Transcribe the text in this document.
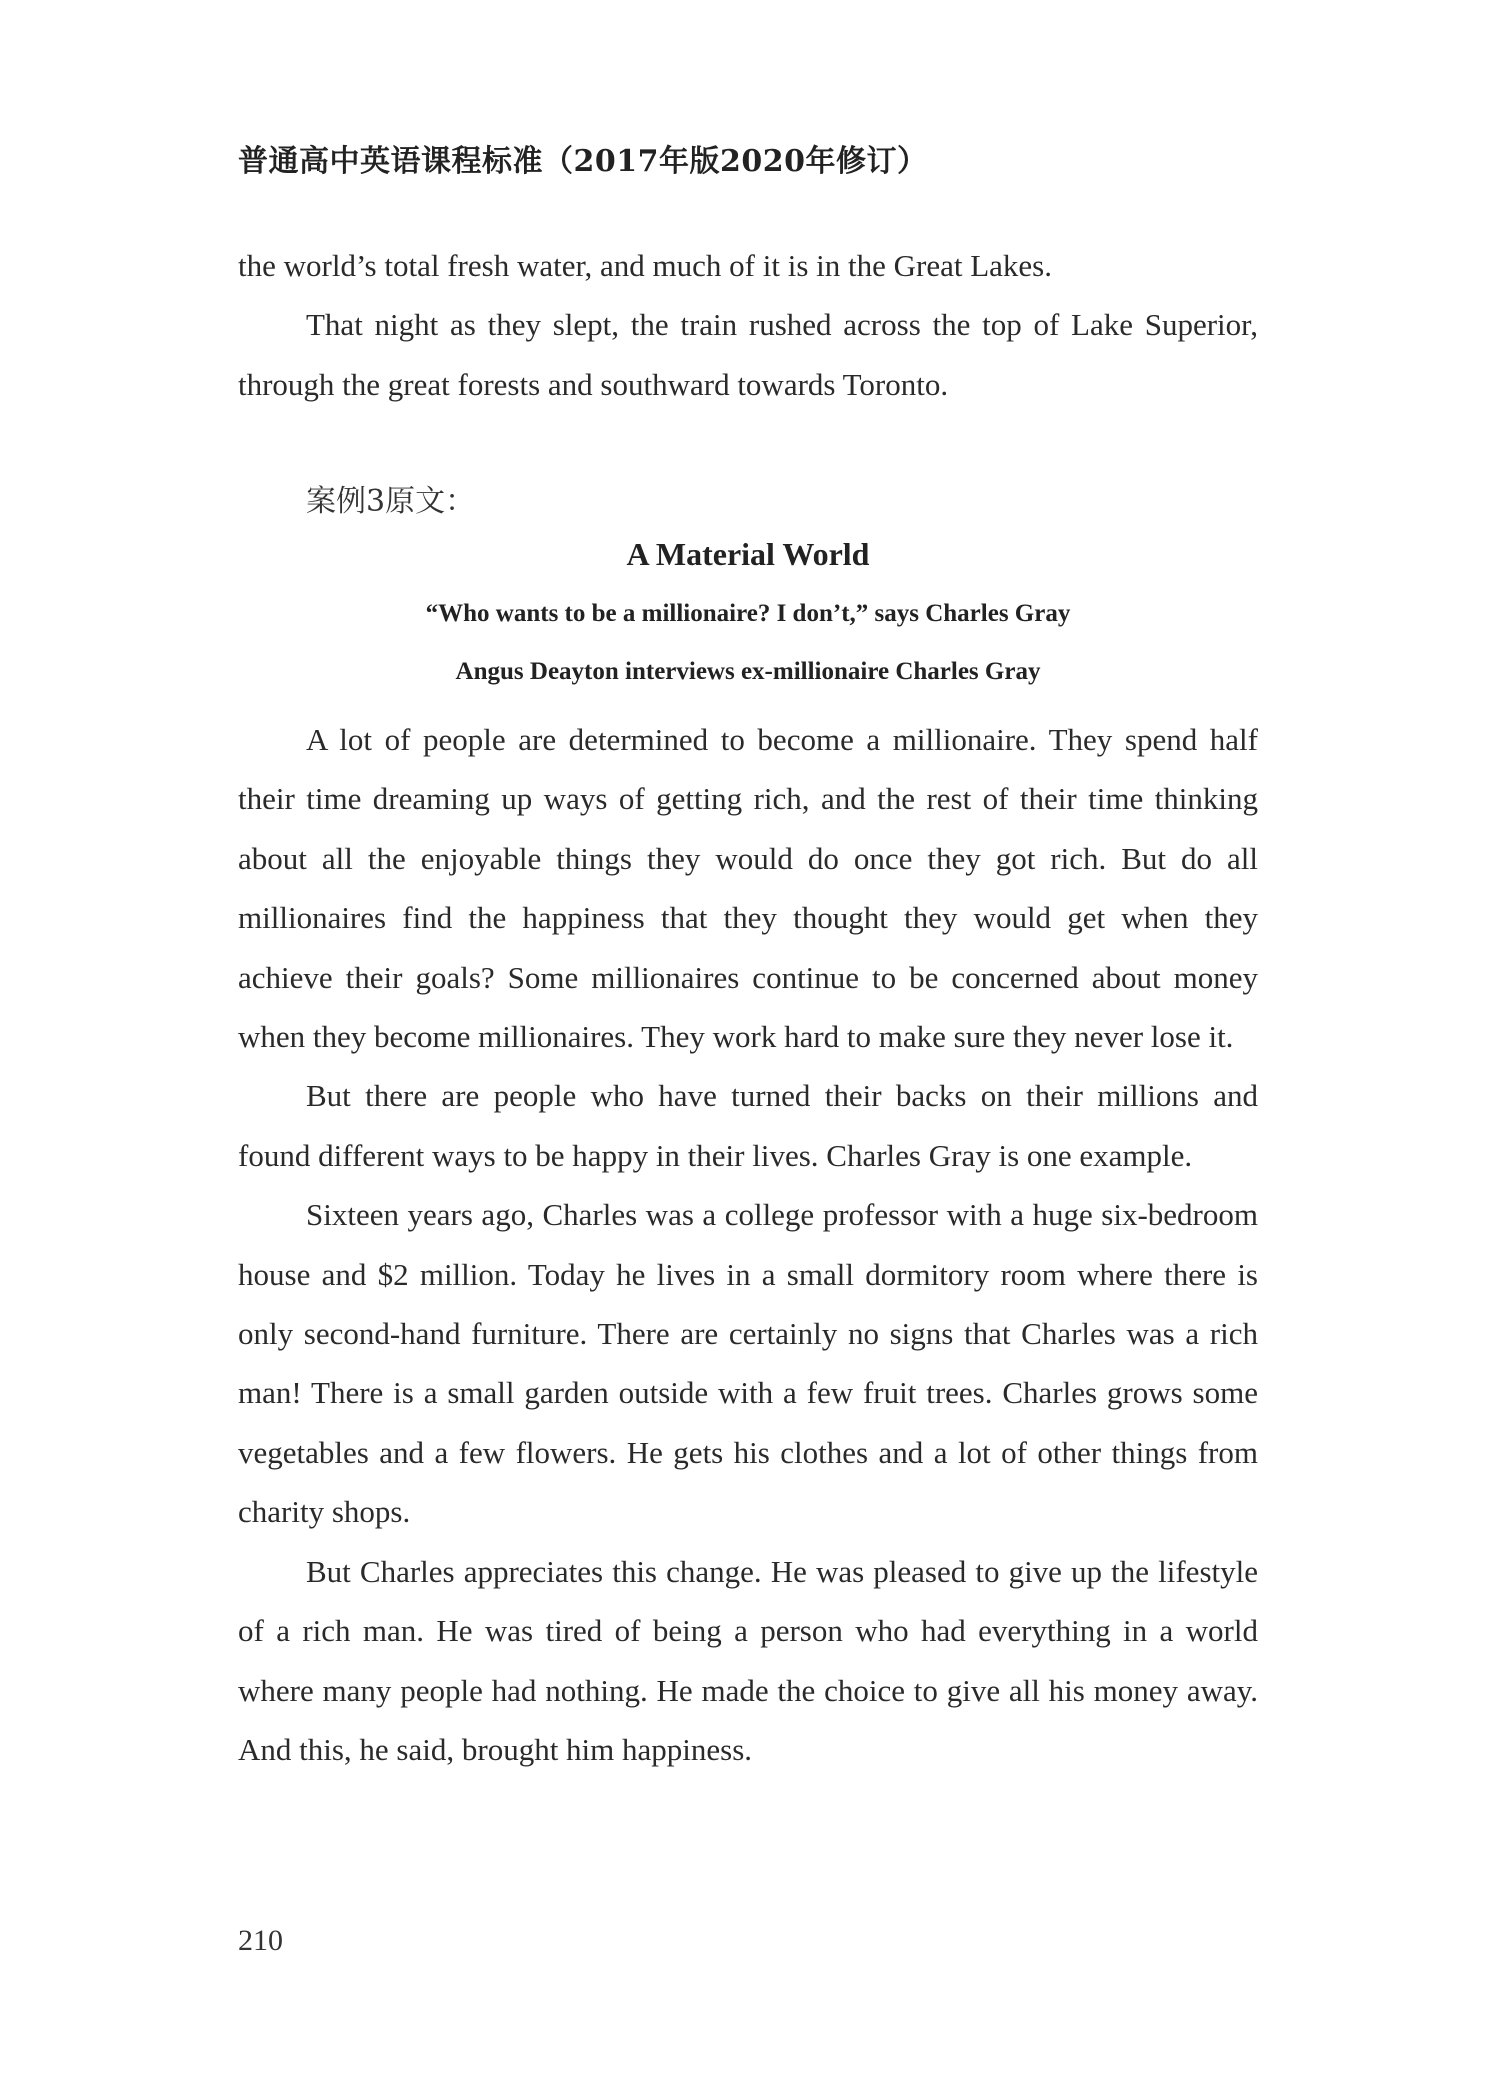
普通高中英语课程标准（2017年版2020年修订）

the world’s total fresh water, and much of it is in the Great Lakes.

That night as they slept, the train rushed across the top of Lake Superior, through the great forests and southward towards Toronto.

案例3原文：
A Material World
“Who wants to be a millionaire? I don’t,” says Charles Gray
Angus Deayton interviews ex-millionaire Charles Gray

A lot of people are determined to become a millionaire. They spend half their time dreaming up ways of getting rich, and the rest of their time thinking about all the enjoyable things they would do once they got rich. But do all millionaires find the happiness that they thought they would get when they achieve their goals? Some millionaires continue to be concerned about money when they become millionaires. They work hard to make sure they never lose it.

But there are people who have turned their backs on their millions and found different ways to be happy in their lives. Charles Gray is one example.

Sixteen years ago, Charles was a college professor with a huge six-bedroom house and $2 million. Today he lives in a small dormitory room where there is only second-hand furniture. There are certainly no signs that Charles was a rich man! There is a small garden outside with a few fruit trees. Charles grows some vegetables and a few flowers. He gets his clothes and a lot of other things from charity shops.

But Charles appreciates this change. He was pleased to give up the lifestyle of a rich man. He was tired of being a person who had everything in a world where many people had nothing. He made the choice to give all his money away. And this, he said, brought him happiness.

210
